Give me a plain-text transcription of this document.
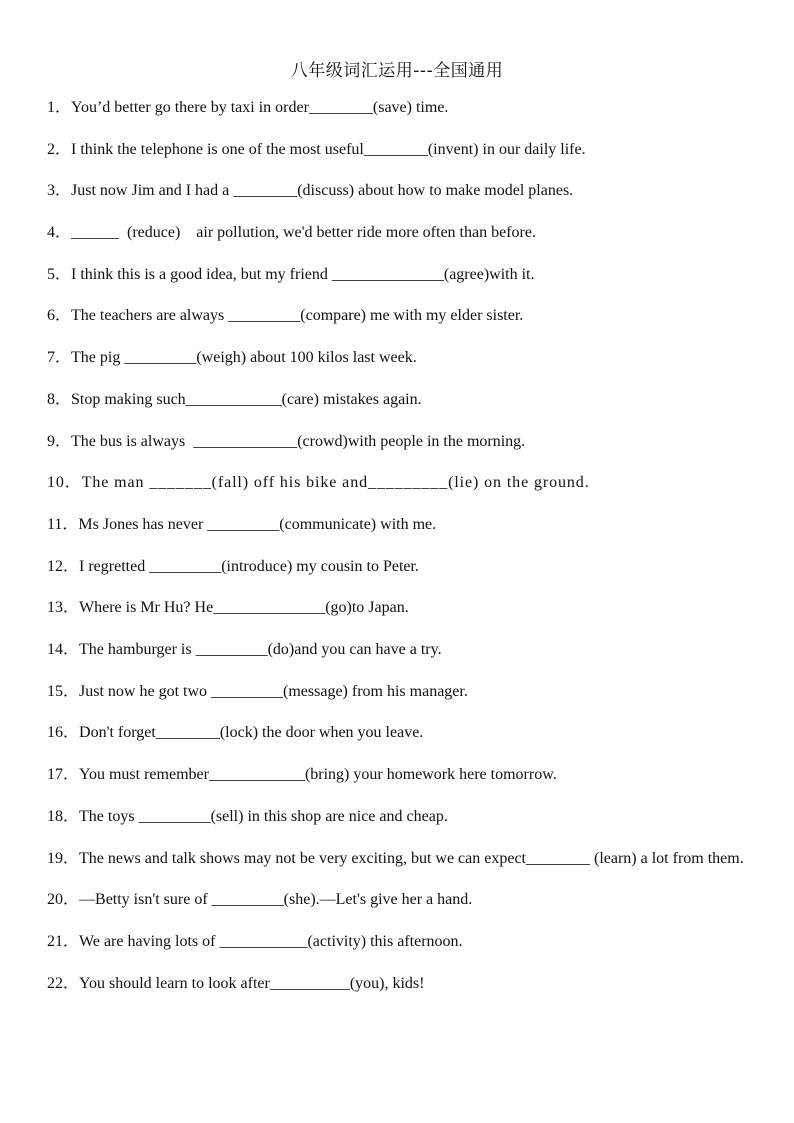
八年级词汇运用---全国通用
1．You’d better go there by taxi in order________(save) time.
2．I think the telephone is one of the most useful________(invent) in our daily life.
3．Just now Jim and I had a ________(discuss) about how to make model planes.
4．______  (reduce)    air pollution, we'd better ride more often than before.
5．I think this is a good idea, but my friend ______________(agree)with it.
6．The teachers are always _________(compare) me with my elder sister.
7．The pig _________(weigh) about 100 kilos last week.
8．Stop making such____________(care) mistakes again.
9．The bus is always  _____________(crowd)with people in the morning.
10．The man _______(fall) off his bike and_________(lie) on the ground.
11．Ms Jones has never _________(communicate) with me.
12．I regretted _________(introduce) my cousin to Peter.
13．Where is Mr Hu? He______________(go)to Japan.
14．The hamburger is _________(do)and you can have a try.
15．Just now he got two _________(message) from his manager.
16．Don't forget________(lock) the door when you leave.
17．You must remember____________(bring) your homework here tomorrow.
18．The toys _________(sell) in this shop are nice and cheap.
19．The news and talk shows may not be very exciting, but we can expect________ (learn) a lot from them.
20．—Betty isn't sure of _________(she).—Let's give her a hand.
21．We are having lots of ___________(activity) this afternoon.
22．You should learn to look after__________(you), kids!
